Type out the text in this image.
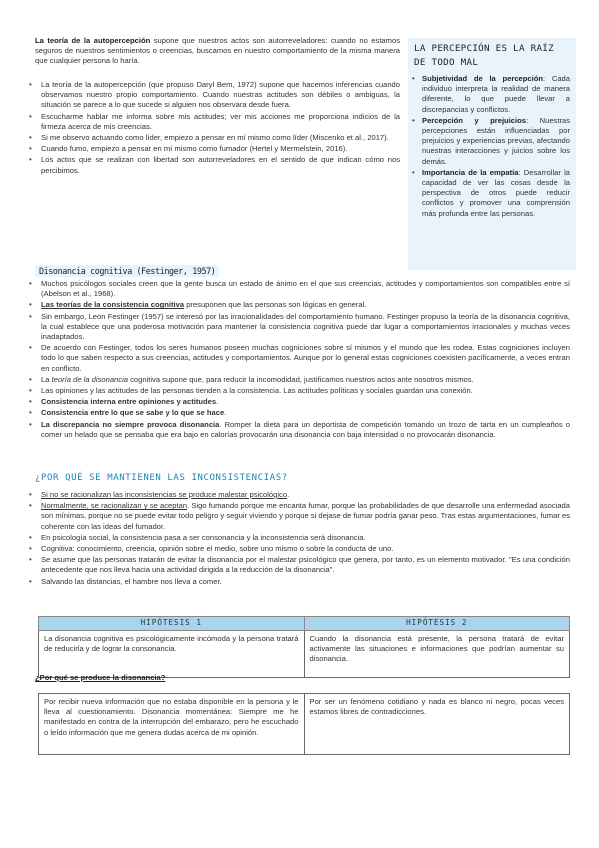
La teoría de la autopercepción supone que nuestros actos son autorreveladores: cuando no estamos seguros de nuestros sentimientos o creencias, buscamos en nuestro comportamiento de la misma manera que cualquier persona lo haría.

• La teoría de la autopercepción (que propuso Daryl Bem, 1972) supone que hacemos inferencias cuando observamos nuestro propio comportamiento. Cuando nuestras actitudes son débiles o ambiguas, la situación se parece a lo que sucede si alguien nos observara desde fuera.
• Escucharme hablar me informa sobre mis actitudes; ver mis acciones me proporciona indicios de la firmeza acerca de mis creencias.
• Si me observo actuando como líder, empiezo a pensar en mí mismo como líder (Miscenko et al., 2017).
• Cuando fumo, empiezo a pensar en mí mismo como fumador (Hertel y Mermelstein, 2016).
• Los actos que se realizan con libertad son autorreveladores en el sentido de que indican cómo nos percibimos.
LA PERCEPCIÓN ES LA RAÍZ DE TODO MAL
• Subjetividad de la percepción: Cada individuo interpreta la realidad de manera diferente, lo que puede llevar a discrepancias y conflictos.
• Percepción y prejuicios: Nuestras percepciones están influenciadas por prejuicios y experiencias previas, afectando nuestras interacciones y juicios sobre los demás.
• Importancia de la empatía: Desarrollar la capacidad de ver las cosas desde la perspectiva de otros puede reducir conflictos y promover una comprensión más profunda entre las personas.
Disonancia cognitiva (Festinger, 1957)
• Muchos psicólogos sociales creen que la gente busca un estado de ánimo en el que sus creencias, actitudes y comportamientos son compatibles entre sí (Abelson et al., 1968).
• Las teorías de la consistencia cognitiva presuponen que las personas son lógicas en general.
• Sin embargo, Leon Festinger (1957) se interesó por las irracionalidades del comportamiento humano. Festinger propuso la teoría de la disonancia cognitiva, la cual establece que una poderosa motivación para mantener la consistencia cognitiva puede dar lugar a comportamientos irracionales y muchas veces inadaptados.
• De acuerdo con Festinger, todos los seres humanos poseen muchas cogniciones sobre sí mismos y el mundo que les rodea. Estas cogniciones incluyen todo lo que saben respecto a sus creencias, actitudes y comportamientos. Aunque por lo general estas cogniciones coexisten pacíficamente, a veces entran en conflicto.
• La teoría de la disonancia cognitiva supone que, para reducir la incomodidad, justificamos nuestros actos ante nosotros mismos.
• Las opiniones y las actitudes de las personas tienden a la consistencia. Las actitudes políticas y sociales guardan una conexión.
• Consistencia interna entre opiniones y actitudes.
• Consistencia entre lo que se sabe y lo que se hace.
• La discrepancia no siempre provoca disonancia. Romper la dieta para un deportista de competición tomando un trozo de tarta en un cumpleaños o comer un helado que se pensaba que era bajo en calorías provocarán una disonancia con baja intensidad o no provocarán disonancia.
¿POR QUÉ SE MANTIENEN LAS INCONSISTENCIAS?
• Si no se racionalizan las inconsistencias se produce malestar psicológico.
• Normalmente, se racionalizan y se aceptan. Sigo fumando porque me encanta fumar, porque las probabilidades de que desarrolle una enfermedad asociada son mínimas, porque no se puede evitar todo peligro y seguir viviendo y porque si dejase de fumar podría ganar peso. Tras estas argumentaciones, fumar es coherente con las ideas del fumador.
• En psicología social, la consistencia pasa a ser consonancia y la inconsistencia será disonancia.
• Cognitiva: conocimiento, creencia, opinión sobre el medio, sobre uno mismo o sobre la conducta de uno.
• Se asume que las personas tratarán de evitar la disonancia por el malestar psicológico que genera, por tanto, es un elemento motivador. "Es una condición antecedente que nos lleva hacia una actividad dirigida a la reducción de la disonancia".
• Salvando las distancias, el hambre nos lleva a comer.
HIPÓTESIS 1	HIPÓTESIS 2
La disonancia cognitiva es psicológicamente incómoda y la persona tratará de reducirla y de lograr la consonancia.	Cuando la disonancia está presente, la persona tratará de evitar activamente las situaciones e informaciones que podrían aumentar su disonancia.
¿Por qué se produce la disonancia?
Por recibir nueva información que no estaba disponible en la persona y le lleva al cuestionamiento. Disonancia momentánea: Siempre me he manifestado en contra de la interrupción del embarazo, pero he escuchado o leído información que me genera dudas acerca de mi opinión.	Por ser un fenómeno cotidiano y nada es blanco ni negro, pocas veces estamos libres de contradicciones.
